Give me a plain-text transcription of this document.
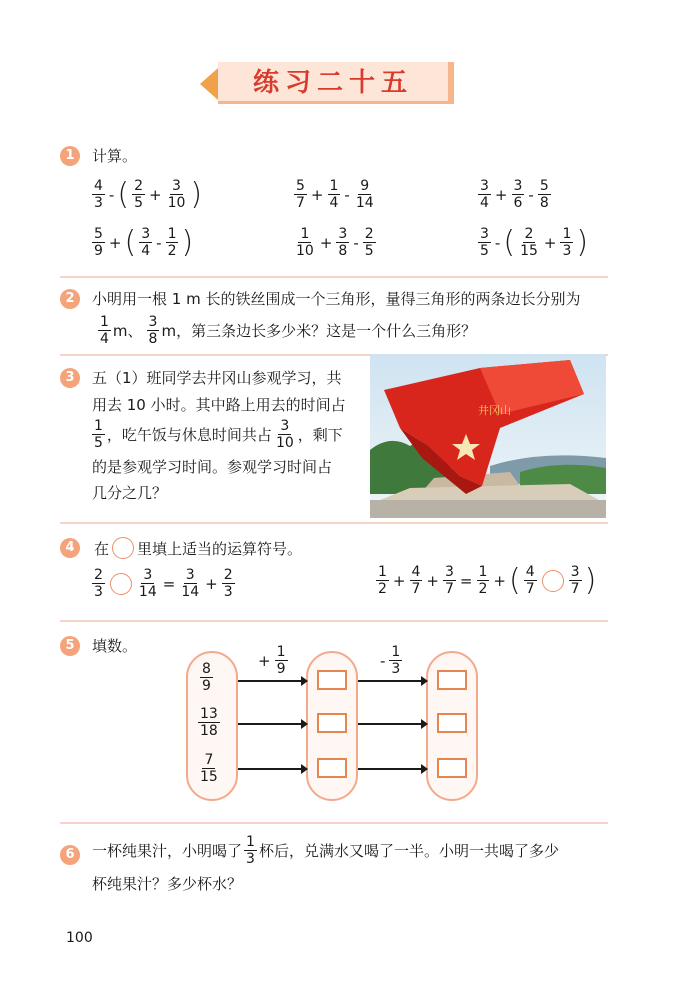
练习二十五
1	计算。
$\frac{4}{3}$ - ( $\frac{2}{5} + \frac{3}{10}$ )	$\frac{5}{7} + \frac{1}{4} - \frac{9}{14}$	$\frac{3}{4} + \frac{3}{6} - \frac{5}{8}$
$\frac{5}{9}$ + ( $\frac{3}{4} - \frac{1}{2}$ )	$\frac{1}{10} + \frac{3}{8} - \frac{2}{5}$	$\frac{3}{5}$ - ( $\frac{2}{15} + \frac{1}{3}$ )
2	小明用一根 1 m 长的铁丝围成一个三角形，量得三角形的两条边长分别为
$\frac{1}{4}$ m、 $\frac{3}{8}$ m，第三条边长多少米？这是一个什么三角形？
3	五（1）班同学去井冈山参观学习，共
用去 10 小时。其中路上用去的时间占
$\frac{1}{5}$ ，吃午饭与休息时间共占 $\frac{3}{10}$ ，剩下
的是参观学习时间。参观学习时间占
几分之几？
井冈山
4	在 里填上适当的运算符号。
$\frac{2}{3} \frac{3}{14} = \frac{3}{14} + \frac{2}{3}$	$\frac{1}{2} + \frac{4}{7} + \frac{3}{7} = \frac{1}{2}$ + ( $\frac{4}{7} \frac{3}{7}$ )
5	填数。
$\frac{8}{9}$
$\frac{13}{18}$
$\frac{7}{15}$
+ $\frac{1}{9}$	- $\frac{1}{3}$
6	一杯纯果汁，小明喝了 $\frac{1}{3}$ 杯后，兑满水又喝了一半。小明一共喝了多少
杯纯果汁？多少杯水？
100
